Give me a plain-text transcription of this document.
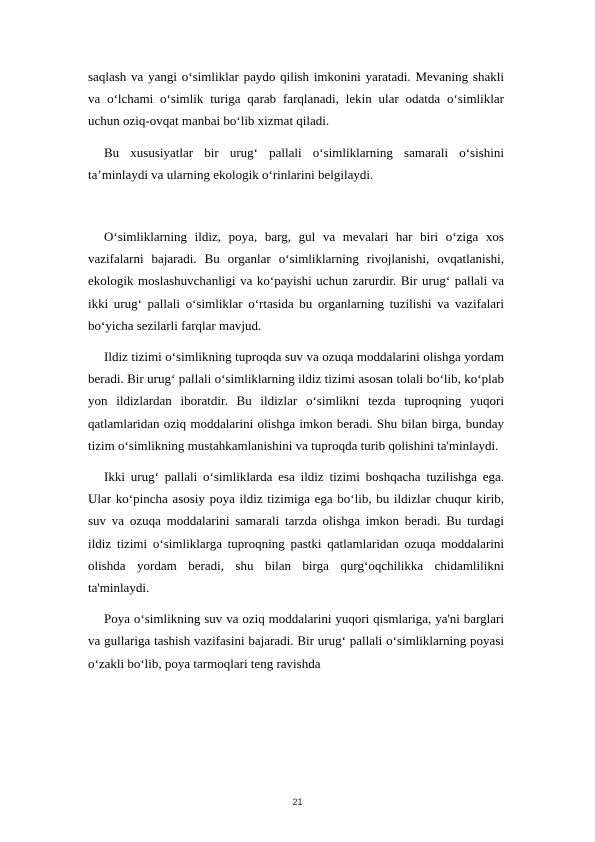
saqlash va yangi o‘simliklar paydo qilish imkonini yaratadi. Mevaning shakli va o‘lchami o‘simlik turiga qarab farqlanadi, lekin ular odatda o‘simliklar uchun oziq-ovqat manbai bo‘lib xizmat qiladi.

Bu xususiyatlar bir urug‘ pallali o‘simliklarning samarali o‘sishini ta’minlaydi va ularning ekologik o‘rinlarini belgilaydi.

O‘simliklarning ildiz, poya, barg, gul va mevalari har biri o‘ziga xos vazifalarni bajaradi. Bu organlar o‘simliklarning rivojlanishi, ovqatlanishi, ekologik moslashuvchanligi va ko‘payishi uchun zarurdir. Bir urug‘ pallali va ikki urug‘ pallali o‘simliklar o‘rtasida bu organlarning tuzilishi va vazifalari bo‘yicha sezilarli farqlar mavjud.

Ildiz tizimi o‘simlikning tuproqda suv va ozuqa moddalarini olishga yordam beradi. Bir urug‘ pallali o‘simliklarning ildiz tizimi asosan tolali bo‘lib, ko‘plab yon ildizlardan iboratdir. Bu ildizlar o‘simlikni tezda tuproqning yuqori qatlamlaridan oziq moddalarini olishga imkon beradi. Shu bilan birga, bunday tizim o‘simlikning mustahkamlanishini va tuproqda turib qolishini ta'minlaydi.

Ikki urug‘ pallali o‘simliklarda esa ildiz tizimi boshqacha tuzilishga ega. Ular ko‘pincha asosiy poya ildiz tizimiga ega bo‘lib, bu ildizlar chuqur kirib, suv va ozuqa moddalarini samarali tarzda olishga imkon beradi. Bu turdagi ildiz tizimi o‘simliklarga tuproqning pastki qatlamlaridan ozuqa moddalarini olishda yordam beradi, shu bilan birga qurg‘oqchilikka chidamlilikni ta'minlaydi.

Poya o‘simlikning suv va oziq moddalarini yuqori qismlariga, ya'ni barglari va gullariga tashish vazifasini bajaradi. Bir urug‘ pallali o‘simliklarning poyasi o‘zakli bo‘lib, poya tarmoqlari teng ravishda

21
